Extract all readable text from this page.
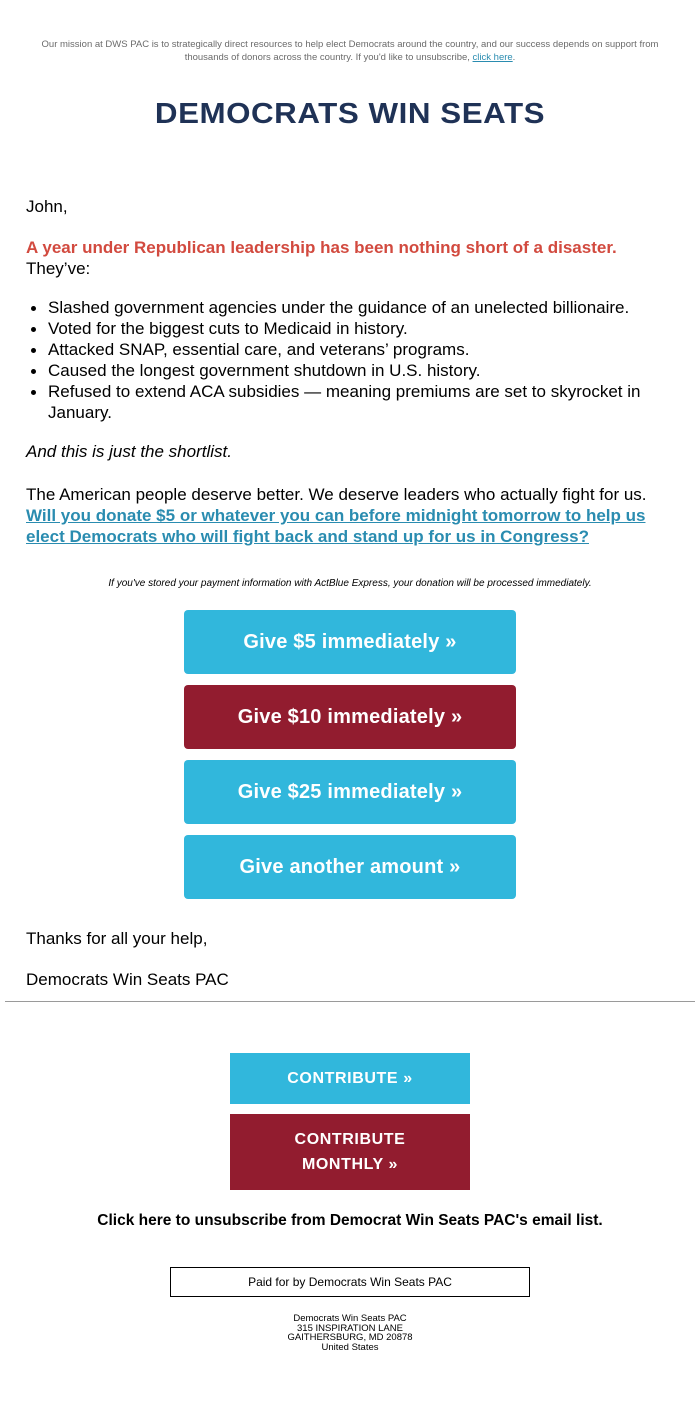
Our mission at DWS PAC is to strategically direct resources to help elect Democrats around the country, and our success depends on support from thousands of donors across the country. If you'd like to unsubscribe, click here.
DEMOCRATS WIN SEATS
John,
A year under Republican leadership has been nothing short of a disaster.
They’ve:
Slashed government agencies under the guidance of an unelected billionaire.
Voted for the biggest cuts to Medicaid in history.
Attacked SNAP, essential care, and veterans’ programs.
Caused the longest government shutdown in U.S. history.
Refused to extend ACA subsidies — meaning premiums are set to skyrocket in January.
And this is just the shortlist.
The American people deserve better. We deserve leaders who actually fight for us. Will you donate $5 or whatever you can before midnight tomorrow to help us elect Democrats who will fight back and stand up for us in Congress?
If you've stored your payment information with ActBlue Express, your donation will be processed immediately.
Give $5 immediately »
Give $10 immediately »
Give $25 immediately »
Give another amount »
Thanks for all your help,
Democrats Win Seats PAC
CONTRIBUTE »
CONTRIBUTE
MONTHLY »
Click here to unsubscribe from Democrat Win Seats PAC's email list.
Paid for by Democrats Win Seats PAC
Democrats Win Seats PAC
315 INSPIRATION LANE
GAITHERSBURG, MD 20878
United States
